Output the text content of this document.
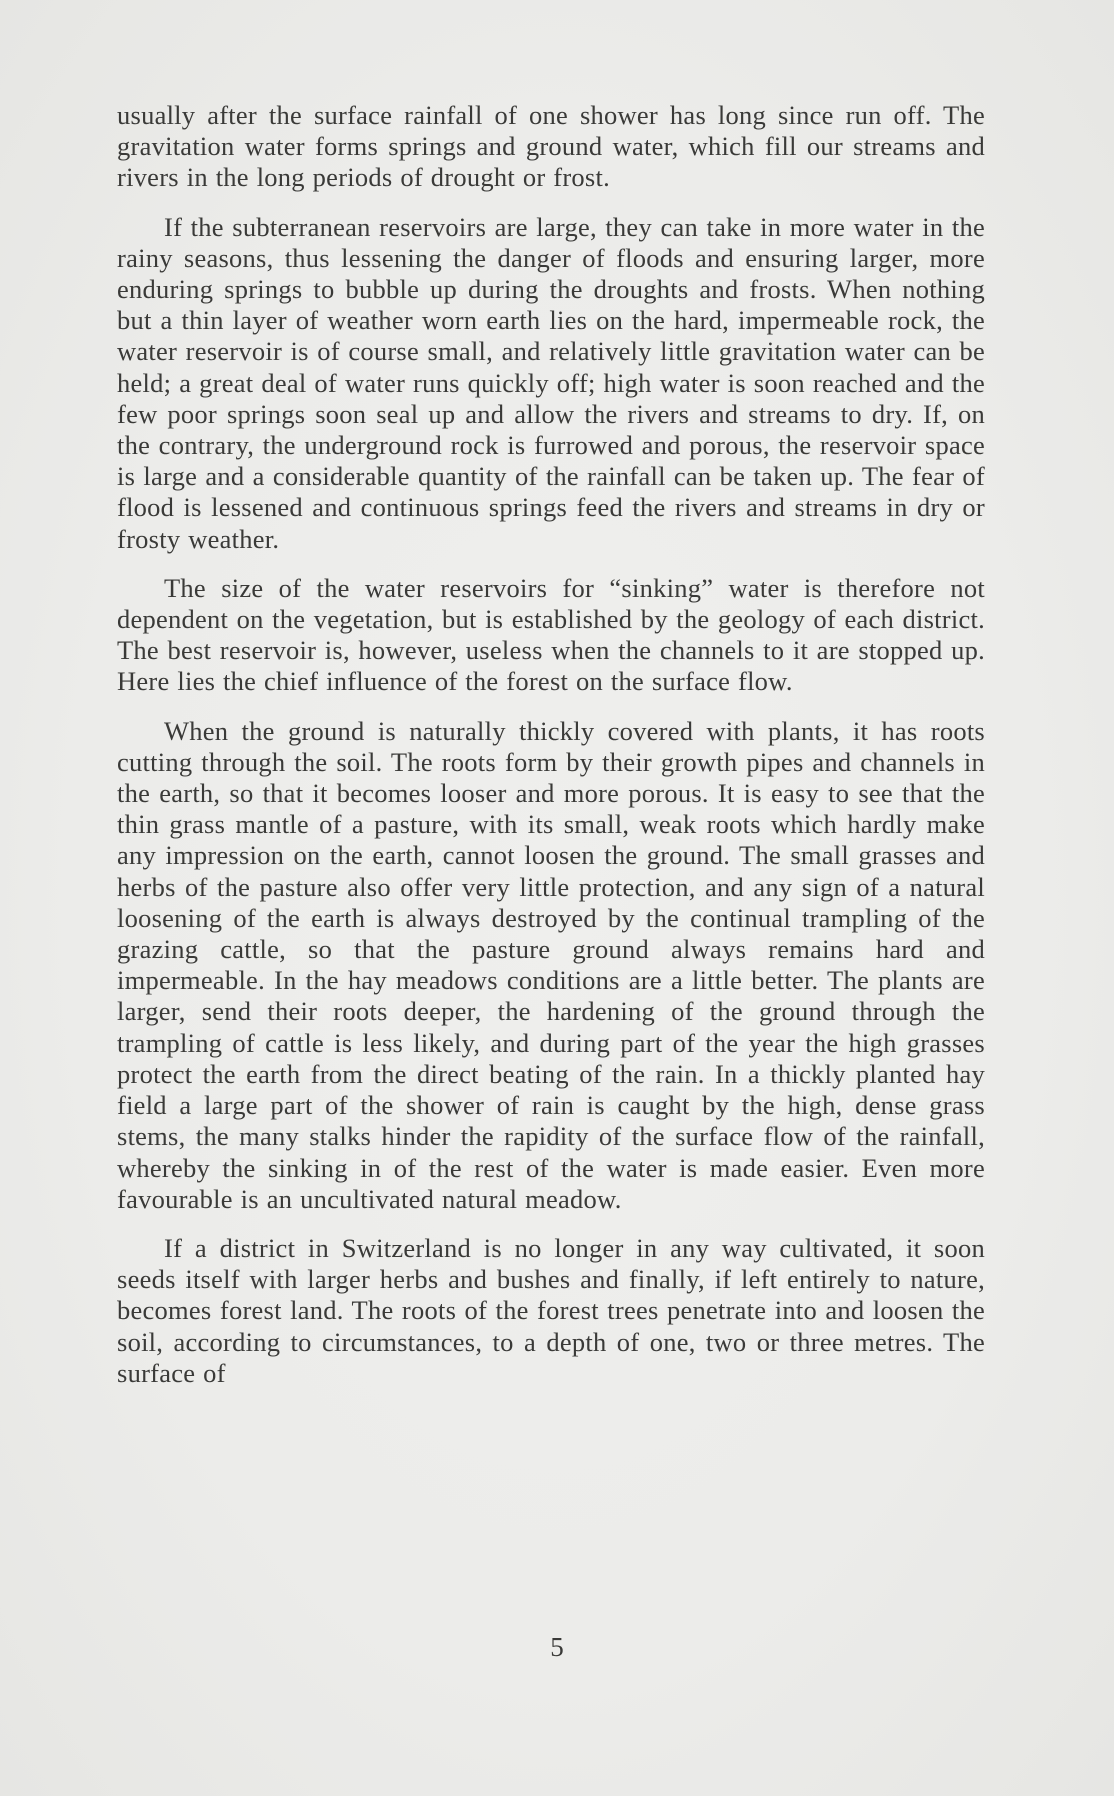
usually after the surface rainfall of one shower has long since run off. The gravitation water forms springs and ground water, which fill our streams and rivers in the long periods of drought or frost.

If the subterranean reservoirs are large, they can take in more water in the rainy seasons, thus lessening the danger of floods and ensuring larger, more enduring springs to bubble up during the droughts and frosts. When nothing but a thin layer of weather worn earth lies on the hard, impermeable rock, the water reservoir is of course small, and relatively little gravitation water can be held; a great deal of water runs quickly off; high water is soon reached and the few poor springs soon seal up and allow the rivers and streams to dry. If, on the contrary, the underground rock is furrowed and porous, the reservoir space is large and a considerable quantity of the rainfall can be taken up. The fear of flood is lessened and continuous springs feed the rivers and streams in dry or frosty weather.

The size of the water reservoirs for “sinking” water is therefore not dependent on the vegetation, but is established by the geology of each district. The best reservoir is, however, useless when the channels to it are stopped up. Here lies the chief influence of the forest on the surface flow.

When the ground is naturally thickly covered with plants, it has roots cutting through the soil. The roots form by their growth pipes and channels in the earth, so that it becomes looser and more porous. It is easy to see that the thin grass mantle of a pasture, with its small, weak roots which hardly make any impression on the earth, cannot loosen the ground. The small grasses and herbs of the pasture also offer very little protection, and any sign of a natural loosening of the earth is always destroyed by the continual trampling of the grazing cattle, so that the pasture ground always remains hard and impermeable. In the hay meadows conditions are a little better. The plants are larger, send their roots deeper, the hardening of the ground through the trampling of cattle is less likely, and during part of the year the high grasses protect the earth from the direct beating of the rain. In a thickly planted hay field a large part of the shower of rain is caught by the high, dense grass stems, the many stalks hinder the rapidity of the surface flow of the rainfall, whereby the sinking in of the rest of the water is made easier. Even more favourable is an uncultivated natural meadow.

If a district in Switzerland is no longer in any way cultivated, it soon seeds itself with larger herbs and bushes and finally, if left entirely to nature, becomes forest land. The roots of the forest trees penetrate into and loosen the soil, according to circumstances, to a depth of one, two or three metres. The surface of

5
